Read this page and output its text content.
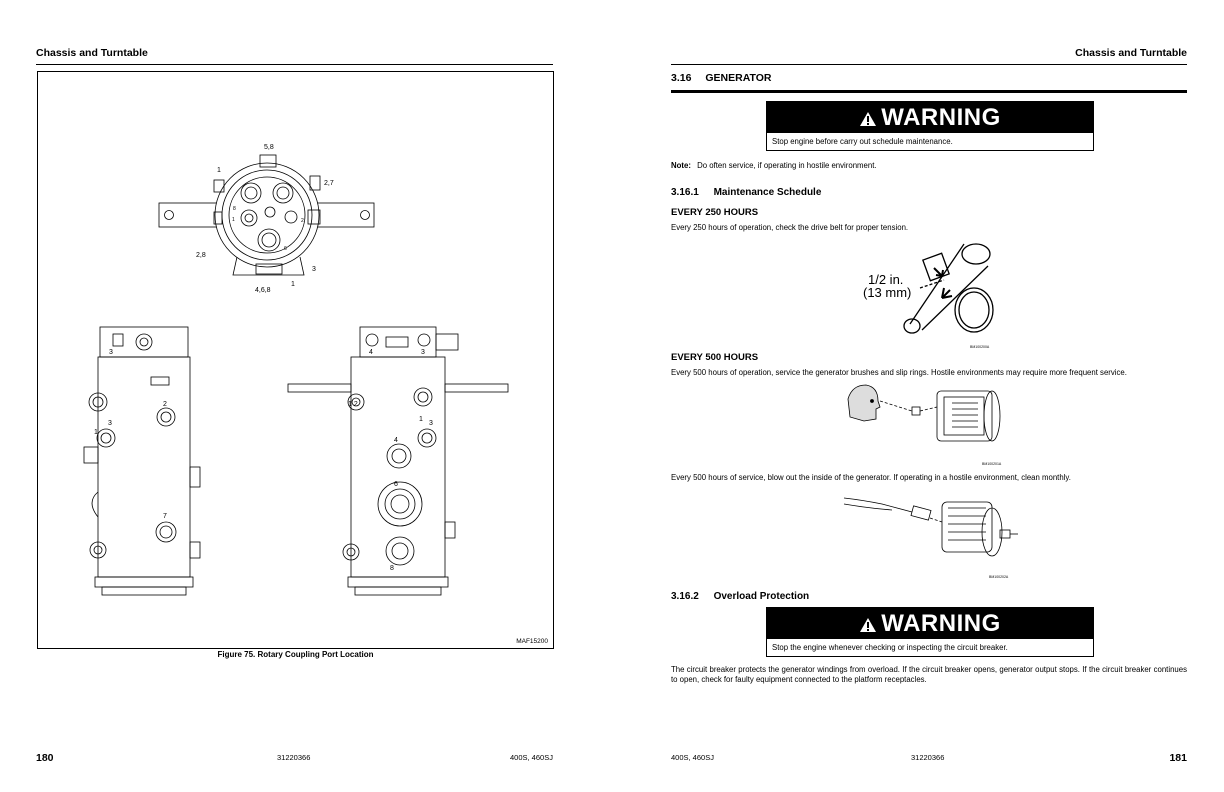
Chassis and Turntable
5,8
1
2,7
2,8
3
1
4,6,8
8
1	2
6
3
2
3
7
1
4	3
1 2
1
3
4
6
8
MAF15200
Figure 75. Rotary Coupling Port Location
180	31220366	400S, 460SJ
Chassis and Turntable
3.16 GENERATOR
WARNING
Stop engine before carry out schedule maintenance.
Note: Do often service, if operating in hostile environment.
3.16.1 Maintenance Schedule
EVERY 250 HOURS
Every 250 hours of operation, check the drive belt for proper tension.
1/2 in.
(13 mm)
BM100200A
EVERY 500 HOURS
Every 500 hours of operation, service the generator brushes and slip rings. Hostile environments may require more frequent service.
BM100201A
Every 500 hours of service, blow out the inside of the generator. If operating in a hostile environment, clean monthly.
BM100202A
3.16.2 Overload Protection
WARNING
Stop the engine whenever checking or inspecting the circuit breaker.
The circuit breaker protects the generator windings from overload. If the circuit breaker opens, generator output stops. If the circuit breaker continues to open, check for faulty equipment connected to the platform receptacles.
400S, 460SJ	31220366	181
